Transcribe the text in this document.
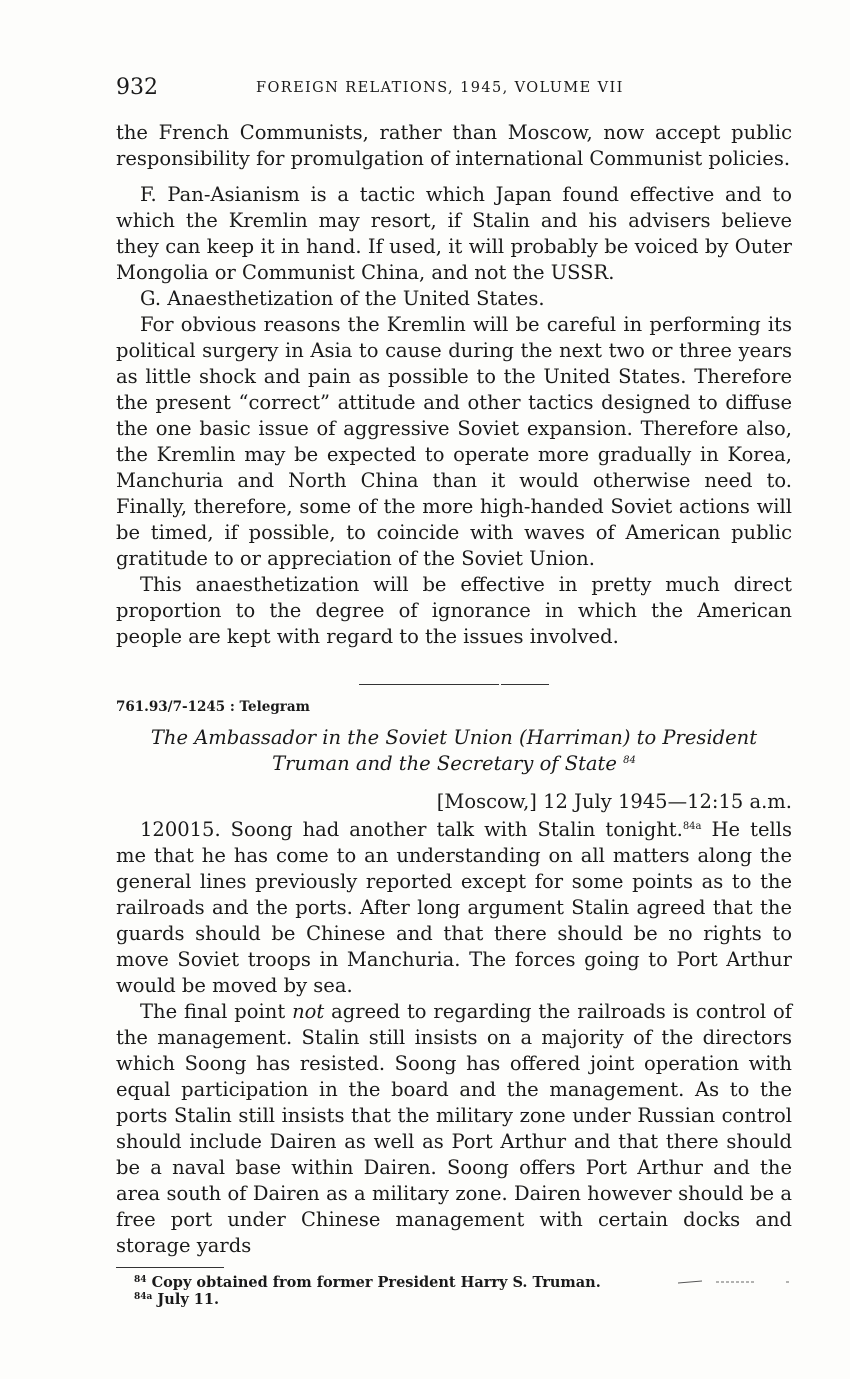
932	FOREIGN RELATIONS, 1945, VOLUME VII

the French Communists, rather than Moscow, now accept public responsibility for promulgation of international Communist policies.

F. Pan-Asianism is a tactic which Japan found effective and to which the Kremlin may resort, if Stalin and his advisers believe they can keep it in hand. If used, it will probably be voiced by Outer Mongolia or Communist China, and not the USSR.

G. Anaesthetization of the United States.

For obvious reasons the Kremlin will be careful in performing its political surgery in Asia to cause during the next two or three years as little shock and pain as possible to the United States. Therefore the present “correct” attitude and other tactics designed to diffuse the one basic issue of aggressive Soviet expansion. Therefore also, the Kremlin may be expected to operate more gradually in Korea, Manchuria and North China than it would otherwise need to. Finally, therefore, some of the more high-handed Soviet actions will be timed, if possible, to coincide with waves of American public gratitude to or appreciation of the Soviet Union.

This anaesthetization will be effective in pretty much direct proportion to the degree of ignorance in which the American people are kept with regard to the issues involved.

761.93/7-1245 : Telegram
The Ambassador in the Soviet Union (Harriman) to President Truman and the Secretary of State $^{84}$
[Moscow,] 12 July 1945—12:15 a.m.

120015. Soong had another talk with Stalin tonight.$^{84a}$ He tells me that he has come to an understanding on all matters along the general lines previously reported except for some points as to the railroads and the ports. After long argument Stalin agreed that the guards should be Chinese and that there should be no rights to move Soviet troops in Manchuria. The forces going to Port Arthur would be moved by sea.

The final point not agreed to regarding the railroads is control of the management. Stalin still insists on a majority of the directors which Soong has resisted. Soong has offered joint operation with equal participation in the board and the management. As to the ports Stalin still insists that the military zone under Russian control should include Dairen as well as Port Arthur and that there should be a naval base within Dairen. Soong offers Port Arthur and the area south of Dairen as a military zone. Dairen however should be a free port under Chinese management with certain docks and storage yards

$^{84}$ Copy obtained from former President Harry S. Truman.
$^{84a}$ July 11.
